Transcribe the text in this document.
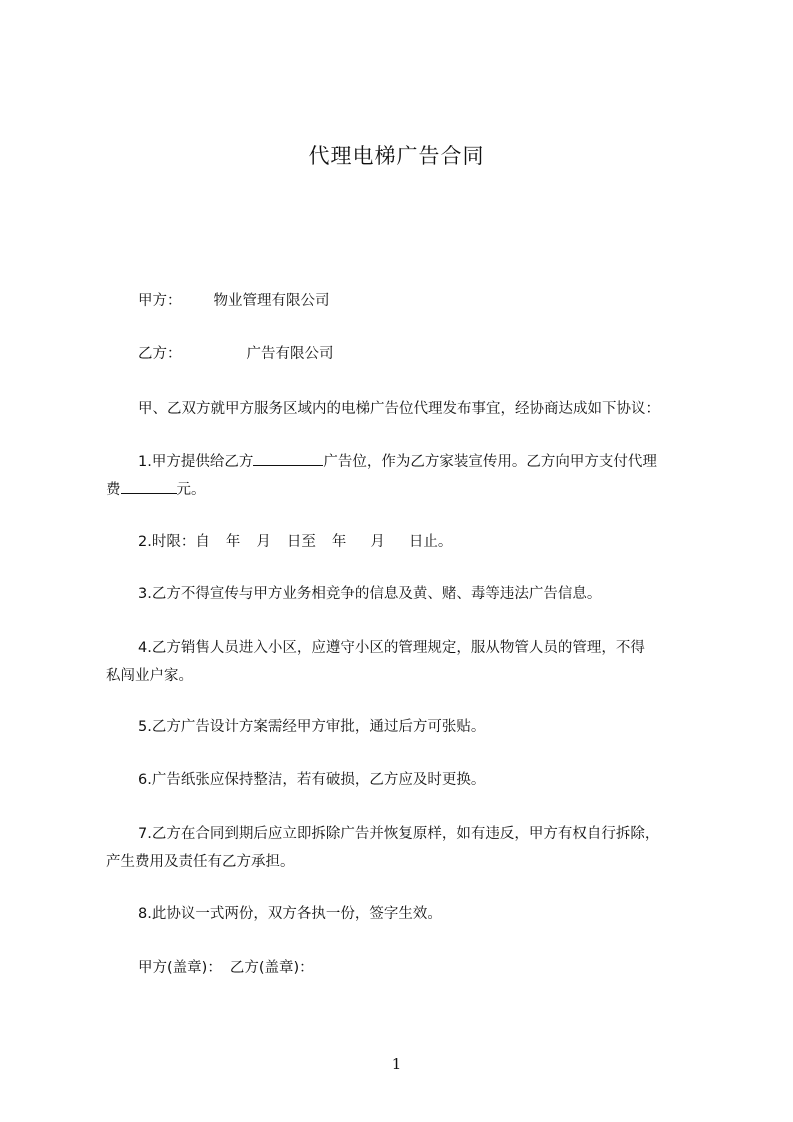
代理电梯广告合同
甲方： 物业管理有限公司
乙方：	广告有限公司
甲、乙双方就甲方服务区域内的电梯广告位代理发布事宜，经协商达成如下协议：
1.甲方提供给乙方	广告位，作为乙方家装宣传用。乙方向甲方支付代理
费	元。
2.时限：自 年 月 日至 年 月 日止。
3.乙方不得宣传与甲方业务相竞争的信息及黄、赌、毒等违法广告信息。
4.乙方销售人员进入小区，应遵守小区的管理规定，服从物管人员的管理，不得
私闯业户家。
5.乙方广告设计方案需经甲方审批，通过后方可张贴。
6.广告纸张应保持整洁，若有破损，乙方应及时更换。
7.乙方在合同到期后应立即拆除广告并恢复原样，如有违反，甲方有权自行拆除，
产生费用及责任有乙方承担。
8.此协议一式两份，双方各执一份，签字生效。
甲方(盖章)： 乙方(盖章)：
1
